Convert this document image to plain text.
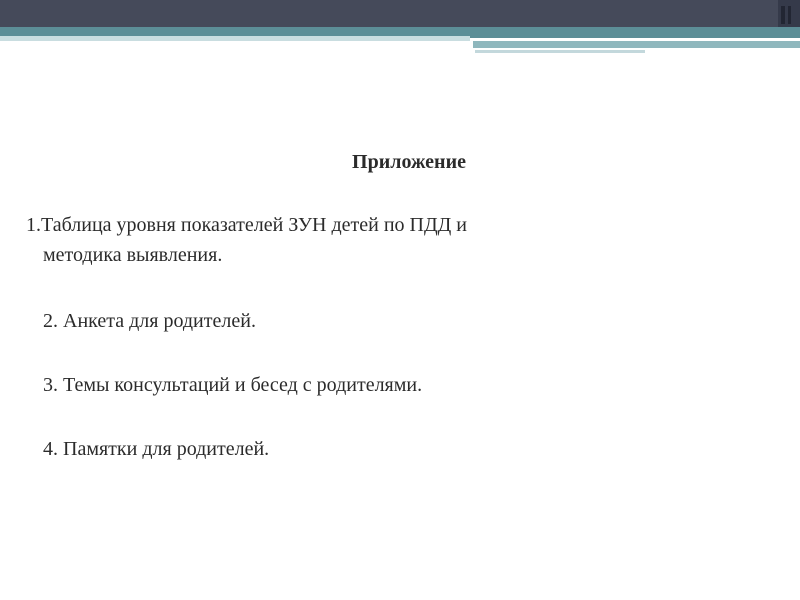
Приложение
1.Таблица уровня показателей ЗУН детей по ПДД и
методика выявления.
2. Анкета для родителей.
3. Темы консультаций и бесед с родителями.
4. Памятки для родителей.
